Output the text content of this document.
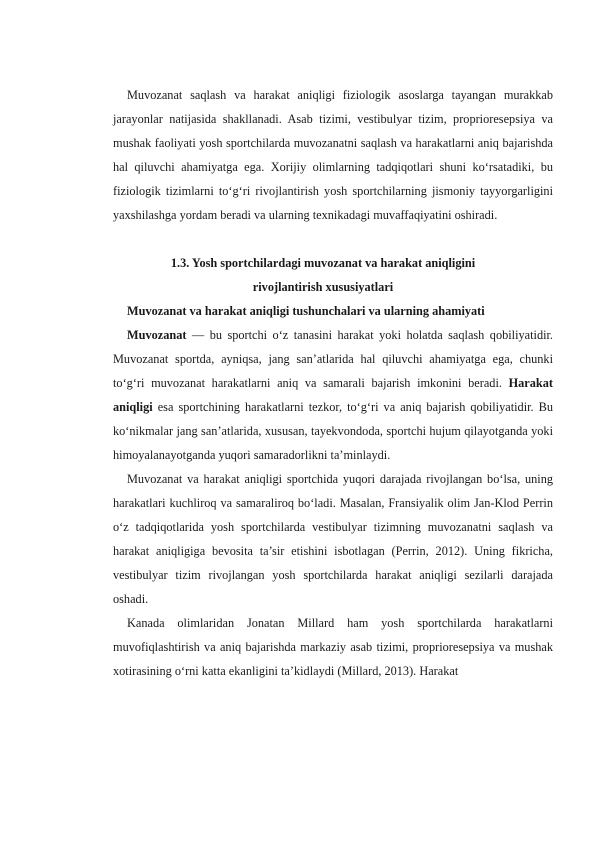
Muvozanat saqlash va harakat aniqligi fiziologik asoslarga tayangan murakkab jarayonlar natijasida shakllanadi. Asab tizimi, vestibulyar tizim, proprioresepsiya va mushak faoliyati yosh sportchilarda muvozanatni saqlash va harakatlarni aniq bajarishda hal qiluvchi ahamiyatga ega. Xorijiy olimlarning tadqiqotlari shuni ko‘rsatadiki, bu fiziologik tizimlarni to‘g‘ri rivojlantirish yosh sportchilarning jismoniy tayyorgarligini yaxshilashga yordam beradi va ularning texnikadagi muvaffaqiyatini oshiradi.

1.3. Yosh sportchilardagi muvozanat va harakat aniqligini
rivojlantirish xususiyatlari

Muvozanat va harakat aniqligi tushunchalari va ularning ahamiyati

Muvozanat — bu sportchi o‘z tanasini harakat yoki holatda saqlash qobiliyatidir. Muvozanat sportda, ayniqsa, jang san’atlarida hal qiluvchi ahamiyatga ega, chunki to‘g‘ri muvozanat harakatlarni aniq va samarali bajarish imkonini beradi. Harakat aniqligi esa sportchining harakatlarni tezkor, to‘g‘ri va aniq bajarish qobiliyatidir. Bu ko‘nikmalar jang san’atlarida, xususan, tayekvondoda, sportchi hujum qilayotganda yoki himoyalanayotganda yuqori samaradorlikni ta’minlaydi.

Muvozanat va harakat aniqligi sportchida yuqori darajada rivojlangan bo‘lsa, uning harakatlari kuchliroq va samaraliroq bo‘ladi. Masalan, Fransiyalik olim Jan-Klod Perrin o‘z tadqiqotlarida yosh sportchilarda vestibulyar tizimning muvozanatni saqlash va harakat aniqligiga bevosita ta’sir etishini isbotlagan (Perrin, 2012). Uning fikricha, vestibulyar tizim rivojlangan yosh sportchilarda harakat aniqligi sezilarli darajada oshadi.

Kanada olimlaridan Jonatan Millard ham yosh sportchilarda harakatlarni muvofiqlashtirish va aniq bajarishda markaziy asab tizimi, proprioresepsiya va mushak xotirasining o‘rni katta ekanligini ta’kidlaydi (Millard, 2013). Harakat
